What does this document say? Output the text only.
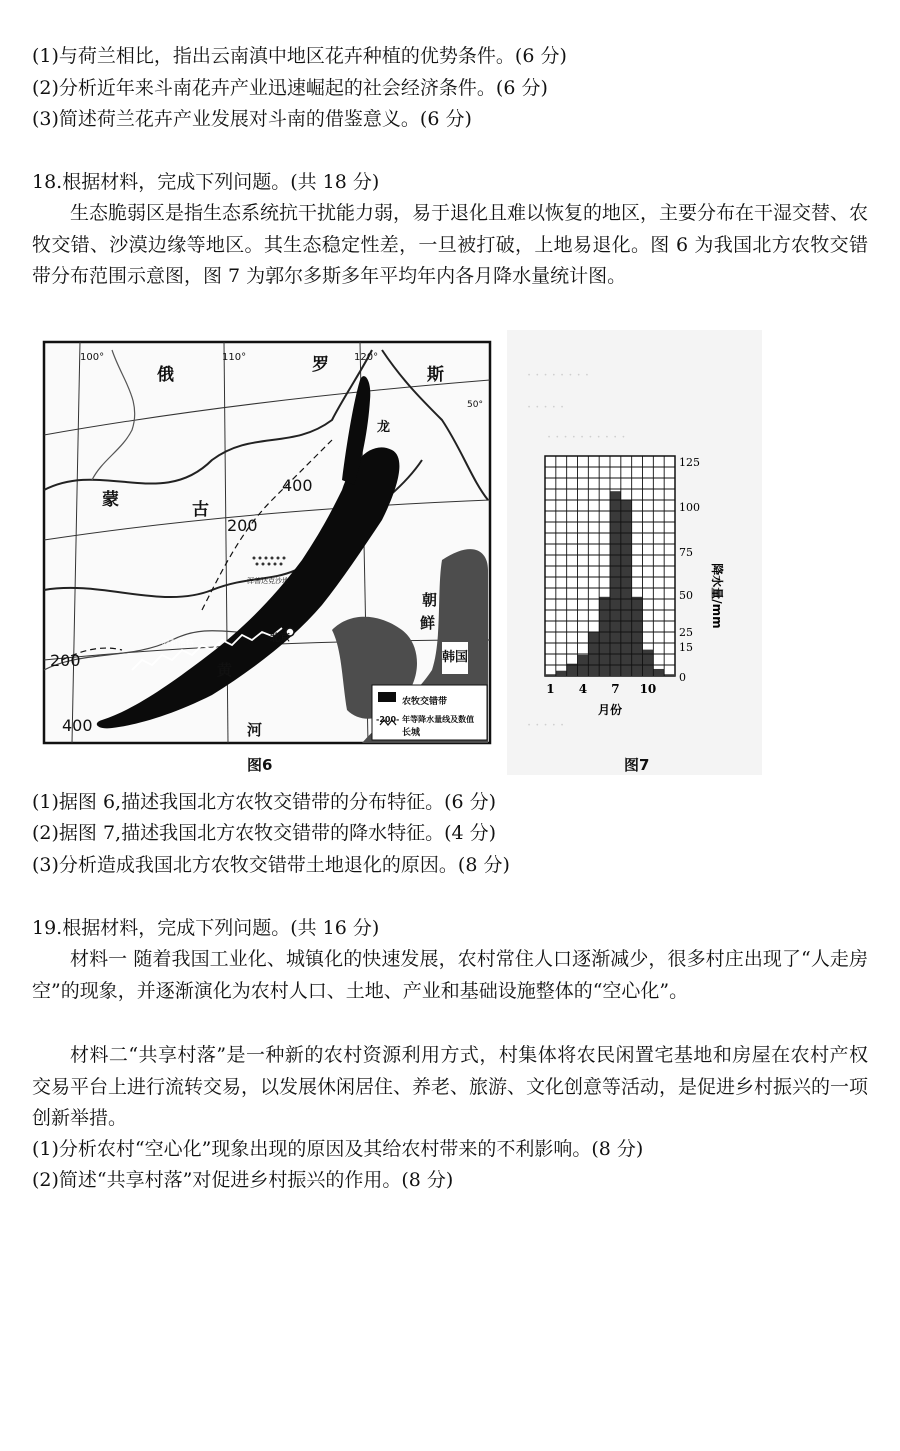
(1)与荷兰相比，指出云南滇中地区花卉种植的优势条件。(6 分)
(2)分析近年来斗南花卉产业迅速崛起的社会经济条件。(6 分)
(3)简述荷兰花卉产业发展对斗南的借鉴意义。(6 分)
18.根据材料，完成下列问题。(共 18 分)
生态脆弱区是指生态系统抗干扰能力弱，易于退化且难以恢复的地区，主要分布在干湿交替、农牧交错、沙漠边缘等地区。其生态稳定性差，一旦被打破，上地易退化。图 6 为我国北方农牧交错带分布范围示意图，图 7 为郭尔多斯多年平均年内各月降水量统计图。
· · · · · · · ·
· · · · ·
· · · · · · · · · ·
· · · · ·
100°	110°	120°
50°
俄	罗	斯
蒙	古
朝
鲜
韩国
龙
黄
河
北京
呼和浩特
浑善达克沙地
400
200
200
400
农牧交错带
-200- 年等降水量线及数值
长城
图6
0
15
25
50
75
100
125
1 4 7 10
月份
降水量/mm
图7
(1)据图 6,描述我国北方农牧交错带的分布特征。(6 分)
(2)据图 7,描述我国北方农牧交错带的降水特征。(4 分)
(3)分析造成我国北方农牧交错带土地退化的原因。(8 分)
19.根据材料，完成下列问题。(共 16 分)
材料一 随着我国工业化、城镇化的快速发展，农村常住人口逐渐减少，很多村庄出现了“人走房空”的现象，并逐渐演化为农村人口、土地、产业和基础设施整体的“空心化”。
材料二“共享村落”是一种新的农村资源利用方式，村集体将农民闲置宅基地和房屋在农村产权交易平台上进行流转交易，以发展休闲居住、养老、旅游、文化创意等活动，是促进乡村振兴的一项创新举措。
(1)分析农村“空心化”现象出现的原因及其给农村带来的不利影响。(8 分)
(2)简述“共享村落”对促进乡村振兴的作用。(8 分)
